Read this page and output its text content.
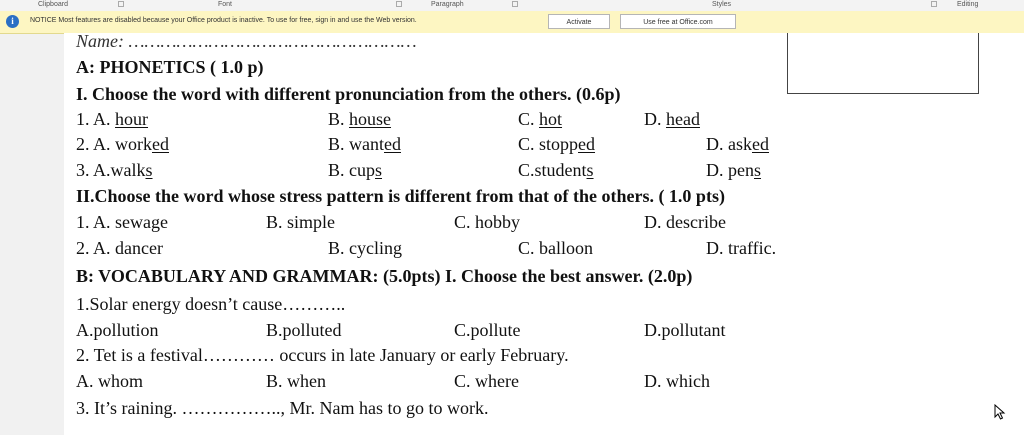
Clipboard	Font	Paragraph	Styles	Editing
i	NOTICE Most features are disabled because your Office product is inactive. To use for free, sign in and use the Web version.	Activate	Use free at Office.com
Name: ………………………………………………
A: PHONETICS ( 1.0 p)
I. Choose the word with different pronunciation from the others. (0.6p)
1. A. hour	B. house	C. hot	D. head
2. A. worked	B. wanted	C. stopped	D. asked
3. A.walks	B. cups	C.students	D. pens
II.Choose the word whose stress pattern is different from that of the others. ( 1.0 pts)
1. A. sewage	B. simple	C. hobby	D. describe
2. A. dancer	B. cycling	C. balloon	D. traffic.
B: VOCABULARY AND GRAMMAR: (5.0pts) I. Choose the best answer. (2.0p)
1.Solar energy doesn’t cause………..
A.pollution	B.polluted	C.pollute	D.pollutant
2. Tet is a festival………… occurs in late January or early February.
A. whom	B. when	C. where	D. which
3. It’s raining. …………….., Mr. Nam has to go to work.
